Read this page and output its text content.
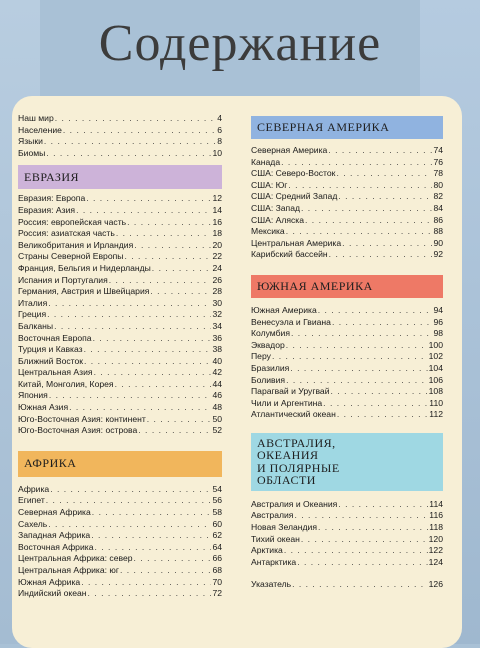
Содержание
Наш мир . . .	4
Население . . .	6
Языки . . .	8
Биомы . . .	10
ЕВРАЗИЯ
Евразия: Европа . . .	12
Евразия: Азия . . .	14
Россия: европейская часть . . .	16
Россия: азиатская часть . . .	18
Великобритания и Ирландия . . .	20
Страны Северной Европы . . .	22
Франция, Бельгия и Нидерланды . . .	24
Испания и Португалия . . .	26
Германия, Австрия и Швейцария . . .	28
Италия . . .	30
Греция . . .	32
Балканы . . .	34
Восточная Европа . . .	36
Турция и Кавказ . . .	38
Ближний Восток . . .	40
Центральная Азия . . .	42
Китай, Монголия, Корея . . .	44
Япония . . .	46
Южная Азия . . .	48
Юго-Восточная Азия: континент . . .	50
Юго-Восточная Азия: острова . . .	52
АФРИКА
Африка . . .	54
Египет . . .	56
Северная Африка . . .	58
Сахель . . .	60
Западная Африка . . .	62
Восточная Африка . . .	64
Центральная Африка: север . . .	66
Центральная Африка: юг . . .	68
Южная Африка . . .	70
Индийский океан . . .	72
СЕВЕРНАЯ АМЕРИКА
Северная Америка . . .	74
Канада . . .	76
США: Северо-Восток . . .	78
США: Юг . . .	80
США: Средний Запад . . .	82
США: Запад . . .	84
США: Аляска . . .	86
Мексика . . .	88
Центральная Америка . . .	90
Карибский бассейн . . .	92
ЮЖНАЯ АМЕРИКА
Южная Америка . . .	94
Венесуэла и Гвиана . . .	96
Колумбия . . .	98
Эквадор . . .	100
Перу . . .	102
Бразилия . . .	104
Боливия . . .	106
Парагвай и Уругвай . . .	108
Чили и Аргентина . . .	110
Атлантический океан . . .	112
АВСТРАЛИЯ,
ОКЕАНИЯ
И ПОЛЯРНЫЕ
ОБЛАСТИ
Австралия и Океания . . .	114
Австралия . . .	116
Новая Зеландия . . .	118
Тихий океан . . .	120
Арктика . . .	122
Антарктика . . .	124
Указатель . . .	126
